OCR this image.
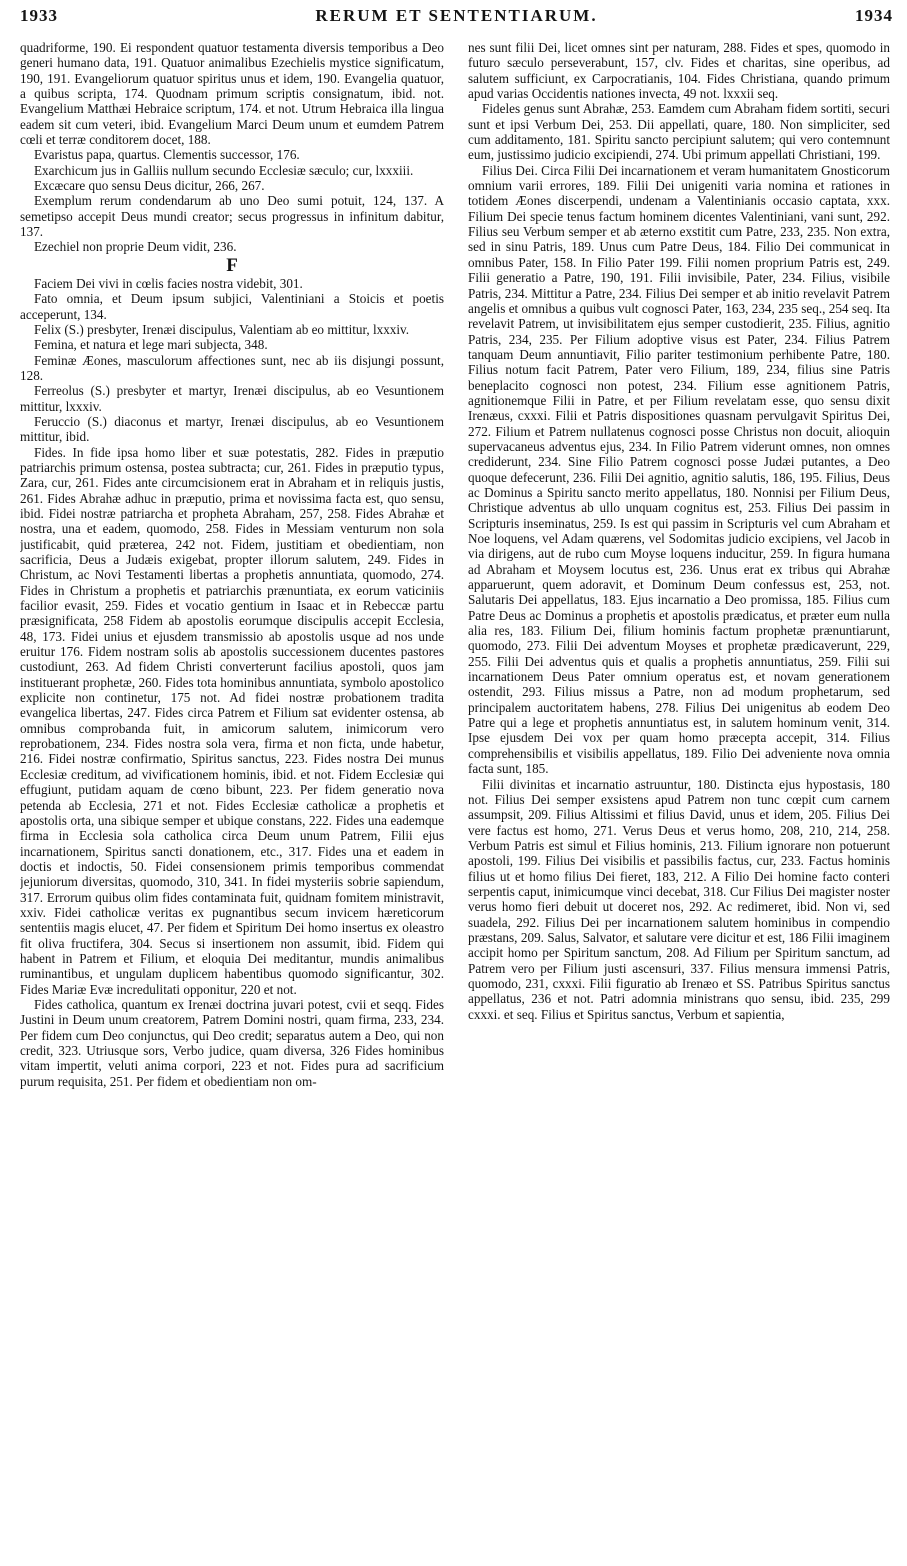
1933	RERUM ET SENTENTIARUM.	1934

quadriforme, 190. Ei respondent quatuor testamenta diversis temporibus a Deo generi humano data, 191. Quatuor animalibus Ezechielis mystice significatum, 190, 191. Evangeliorum quatuor spiritus unus et idem, 190. Evangelia quatuor, a quibus scripta, 174. Quodnam primum scriptis consignatum, ibid. not. Evangelium Matthæi Hebraice scriptum, 174. et not. Utrum Hebraica illa lingua eadem sit cum veteri, ibid. Evangelium Marci Deum unum et eumdem Patrem cœli et terræ conditorem docet, 188.

Evaristus papa, quartus. Clementis successor, 176.

Exarchicum jus in Galliis nullum secundo Ecclesiæ sæculo; cur, lxxxiii.

Excæcare quo sensu Deus dicitur, 266, 267.

Exemplum rerum condendarum ab uno Deo sumi potuit, 124, 137. A semetipso accepit Deus mundi creator; secus progressus in infinitum dabitur, 137.

Ezechiel non proprie Deum vidit, 236.

F

Faciem Dei vivi in cœlis facies nostra videbit, 301.

Fato omnia, et Deum ipsum subjici, Valentiniani a Stoicis et poetis acceperunt, 134.

Felix (S.) presbyter, Irenæi discipulus, Valentiam ab eo mittitur, lxxxiv.

Femina, et natura et lege mari subjecta, 348.

Feminæ Æones, masculorum affectiones sunt, nec ab iis disjungi possunt, 128.

Ferreolus (S.) presbyter et martyr, Irenæi discipulus, ab eo Vesuntionem mittitur, lxxxiv.

Feruccio (S.) diaconus et martyr, Irenæi discipulus, ab eo Vesuntionem mittitur, ibid.

Fides. In fide ipsa homo liber et suæ potestatis, 282. Fides in præputio patriarchis primum ostensa, postea subtracta; cur, 261. Fides in præputio typus, Zara, cur, 261. Fides ante circumcisionem erat in Abraham et in reliquis justis, 261. Fides Abrahæ adhuc in præputio, prima et novissima facta est, quo sensu, ibid. Fidei nostræ patriarcha et propheta Abraham, 257, 258. Fides Abrahæ et nostra, una et eadem, quomodo, 258. Fides in Messiam venturum non sola justificabit, quid præterea, 242 not. Fidem, justitiam et obedientiam, non sacrificia, Deus a Judæis exigebat, propter illorum salutem, 249. Fides in Christum, ac Novi Testamenti libertas a prophetis annuntiata, quomodo, 274. Fides in Christum a prophetis et patriarchis prænuntiata, ex eorum vaticiniis facilior evasit, 259. Fides et vocatio gentium in Isaac et in Rebeccæ partu præsignificata, 258 Fidem ab apostolis eorumque discipulis accepit Ecclesia, 48, 173. Fidei unius et ejusdem transmissio ab apostolis usque ad nos unde eruitur 176. Fidem nostram solis ab apostolis successionem ducentes pastores custodiunt, 263. Ad fidem Christi converterunt facilius apostoli, quos jam instituerant prophetæ, 260. Fides tota hominibus annuntiata, symbolo apostolico explicite non continetur, 175 not. Ad fidei nostræ probationem tradita evangelica libertas, 247. Fides circa Patrem et Filium sat evidenter ostensa, ab omnibus comprobanda fuit, in amicorum salutem, inimicorum vero reprobationem, 234. Fides nostra sola vera, firma et non ficta, unde habetur, 216. Fidei nostræ confirmatio, Spiritus sanctus, 223. Fides nostra Dei munus Ecclesiæ creditum, ad vivificationem hominis, ibid. et not. Fidem Ecclesiæ qui effugiunt, putidam aquam de cœno bibunt, 223. Per fidem generatio nova petenda ab Ecclesia, 271 et not. Fides Ecclesiæ catholicæ a prophetis et apostolis orta, una sibique semper et ubique constans, 222. Fides una eademque firma in Ecclesia sola catholica circa Deum unum Patrem, Filii ejus incarnationem, Spiritus sancti donationem, etc., 317. Fides una et eadem in doctis et indoctis, 50. Fidei consensionem primis temporibus commendat jejuniorum diversitas, quomodo, 310, 341. In fidei mysteriis sobrie sapiendum, 317. Errorum quibus olim fides contaminata fuit, quidnam fomitem ministravit, xxiv. Fidei catholicæ veritas ex pugnantibus secum invicem hæreticorum sententiis magis elucet, 47. Per fidem et Spiritum Dei homo insertus ex oleastro fit oliva fructifera, 304. Secus si insertionem non assumit, ibid. Fidem qui habent in Patrem et Filium, et eloquia Dei meditantur, mundis animalibus ruminantibus, et ungulam duplicem habentibus quomodo significantur, 302. Fides Mariæ Evæ incredulitati opponitur, 220 et not.

Fides catholica, quantum ex Irenæi doctrina juvari potest, cvii et seqq. Fides Justini in Deum unum creatorem, Patrem Domini nostri, quam firma, 233, 234. Per fidem cum Deo conjunctus, qui Deo credit; separatus autem a Deo, qui non credit, 323. Utriusque sors, Verbo judice, quam diversa, 326 Fides hominibus vitam impertit, veluti anima corpori, 223 et not. Fides pura ad sacrificium purum requisita, 251. Per fidem et obedientiam non om-

nes sunt filii Dei, licet omnes sint per naturam, 288. Fides et spes, quomodo in futuro sæculo perseverabunt, 157, clv. Fides et charitas, sine operibus, ad salutem sufficiunt, ex Carpocratianis, 104. Fides Christiana, quando primum apud varias Occidentis nationes invecta, 49 not. lxxxii seq.

Fideles genus sunt Abrahæ, 253. Eamdem cum Abraham fidem sortiti, securi sunt et ipsi Verbum Dei, 253. Dii appellati, quare, 180. Non simpliciter, sed cum additamento, 181. Spiritu sancto percipiunt salutem; qui vero contemnunt eum, justissimo judicio excipiendi, 274. Ubi primum appellati Christiani, 199.

Filius Dei. Circa Filii Dei incarnationem et veram humanitatem Gnosticorum omnium varii errores, 189. Filii Dei unigeniti varia nomina et rationes in totidem Æones discerpendi, undenam a Valentinianis occasio captata, xxx. Filium Dei specie tenus factum hominem dicentes Valentiniani, vani sunt, 292. Filius seu Verbum semper et ab æterno exstitit cum Patre, 233, 235. Non extra, sed in sinu Patris, 189. Unus cum Patre Deus, 184. Filio Dei communicat in omnibus Pater, 158. In Filio Pater 199. Filii nomen proprium Patris est, 249. Filii generatio a Patre, 190, 191. Filii invisibile, Pater, 234. Filius, visibile Patris, 234. Mittitur a Patre, 234. Filius Dei semper et ab initio revelavit Patrem angelis et omnibus a quibus vult cognosci Pater, 163, 234, 235 seq., 254 seq. Ita revelavit Patrem, ut invisibilitatem ejus semper custodierit, 235. Filius, agnitio Patris, 234, 235. Per Filium adoptive visus est Pater, 234. Filius Patrem tanquam Deum annuntiavit, Filio pariter testimonium perhibente Patre, 180. Filius notum facit Patrem, Pater vero Filium, 189, 234, filius sine Patris beneplacito cognosci non potest, 234. Filium esse agnitionem Patris, agnitionemque Filii in Patre, et per Filium revelatam esse, quo sensu dixit Irenæus, cxxxi. Filii et Patris dispositiones quasnam pervulgavit Spiritus Dei, 272. Filium et Patrem nullatenus cognosci posse Christus non docuit, alioquin supervacaneus adventus ejus, 234. In Filio Patrem viderunt omnes, non omnes crediderunt, 234. Sine Filio Patrem cognosci posse Judæi putantes, a Deo quoque defecerunt, 236. Filii Dei agnitio, agnitio salutis, 186, 195. Filius, Deus ac Dominus a Spiritu sancto merito appellatus, 180. Nonnisi per Filium Deus, Christique adventus ab ullo unquam cognitus est, 253. Filius Dei passim in Scripturis inseminatus, 259. Is est qui passim in Scripturis vel cum Abraham et Noe loquens, vel Adam quærens, vel Sodomitas judicio excipiens, vel Jacob in via dirigens, aut de rubo cum Moyse loquens inducitur, 259. In figura humana ad Abraham et Moysem locutus est, 236. Unus erat ex tribus qui Abrahæ apparuerunt, quem adoravit, et Dominum Deum confessus est, 253, not. Salutaris Dei appellatus, 183. Ejus incarnatio a Deo promissa, 185. Filius cum Patre Deus ac Dominus a prophetis et apostolis prædicatus, et præter eum nulla alia res, 183. Filium Dei, filium hominis factum prophetæ prænuntiarunt, quomodo, 273. Filii Dei adventum Moyses et prophetæ prædicaverunt, 229, 255. Filii Dei adventus quis et qualis a prophetis annuntiatus, 259. Filii sui incarnationem Deus Pater omnium operatus est, et novam generationem ostendit, 293. Filius missus a Patre, non ad modum prophetarum, sed principalem auctoritatem habens, 278. Filius Dei unigenitus ab eodem Deo Patre qui a lege et prophetis annuntiatus est, in salutem hominum venit, 314. Ipse ejusdem Dei vox per quam homo præcepta accepit, 314. Filius comprehensibilis et visibilis appellatus, 189. Filio Dei adveniente nova omnia facta sunt, 185.

Filii divinitas et incarnatio astruuntur, 180. Distincta ejus hypostasis, 180 not. Filius Dei semper exsistens apud Patrem non tunc cœpit cum carnem assumpsit, 209. Filius Altissimi et filius David, unus et idem, 205. Filius Dei vere factus est homo, 271. Verus Deus et verus homo, 208, 210, 214, 258. Verbum Patris est simul et Filius hominis, 213. Filium ignorare non potuerunt apostoli, 199. Filius Dei visibilis et passibilis factus, cur, 233. Factus hominis filius ut et homo filius Dei fieret, 183, 212. A Filio Dei homine facto conteri serpentis caput, inimicumque vinci decebat, 318. Cur Filius Dei magister noster verus homo fieri debuit ut doceret nos, 292. Ac redimeret, ibid. Non vi, sed suadela, 292. Filius Dei per incarnationem salutem hominibus in compendio præstans, 209. Salus, Salvator, et salutare vere dicitur et est, 186 Filii imaginem accipit homo per Spiritum sanctum, 208. Ad Filium per Spiritum sanctum, ad Patrem vero per Filium justi ascensuri, 337. Filius mensura immensi Patris, quomodo, 231, cxxxi. Filii figuratio ab Irenæo et SS. Patribus Spiritus sanctus appellatus, 236 et not. Patri adomnia ministrans quo sensu, ibid. 235, 299 cxxxi. et seq. Filius et Spiritus sanctus, Verbum et sapientia,
